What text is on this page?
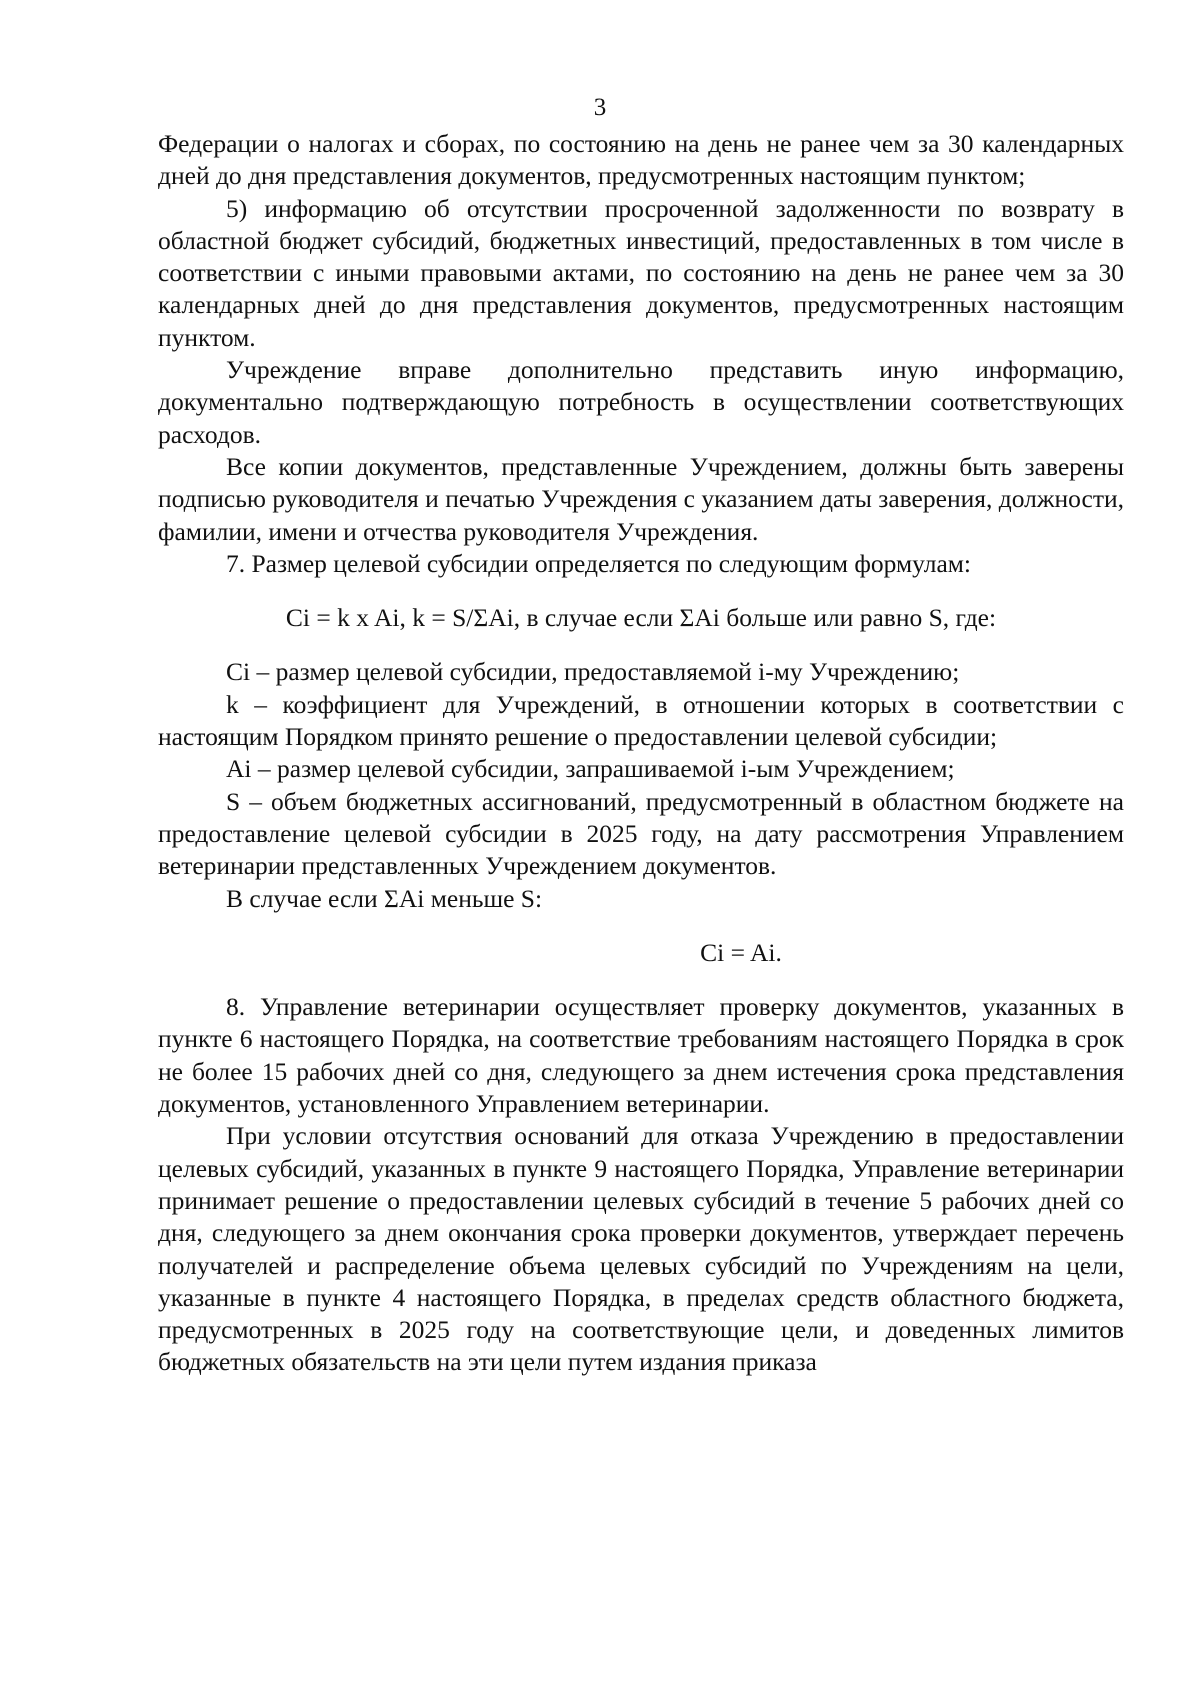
3

Федерации о налогах и сборах, по состоянию на день не ранее чем за 30 календарных дней до дня представления документов, предусмотренных настоящим пунктом;

5) информацию об отсутствии просроченной задолженности по возврату в областной бюджет субсидий, бюджетных инвестиций, предоставленных в том числе в соответствии с иными правовыми актами, по состоянию на день не ранее чем за 30 календарных дней до дня представления документов, предусмотренных настоящим пунктом.

Учреждение вправе дополнительно представить иную информацию, документально подтверждающую потребность в осуществлении соответствующих расходов.

Все копии документов, представленные Учреждением, должны быть заверены подписью руководителя и печатью Учреждения с указанием даты заверения, должности, фамилии, имени и отчества руководителя Учреждения.

7. Размер целевой субсидии определяется по следующим формулам:

Ci = k x Ai, k = S/ΣAi, в случае если ΣAi больше или равно S, где:

Ci – размер целевой субсидии, предоставляемой i-му Учреждению;

k – коэффициент для Учреждений, в отношении которых в соответствии с настоящим Порядком принято решение о предоставлении целевой субсидии;

Ai – размер целевой субсидии, запрашиваемой i-ым Учреждением;

S – объем бюджетных ассигнований, предусмотренный в областном бюджете на предоставление целевой субсидии в 2025 году, на дату рассмотрения Управлением ветеринарии представленных Учреждением документов.

В случае если ΣAi меньше S:

Ci = Ai.

8. Управление ветеринарии осуществляет проверку документов, указанных в пункте 6 настоящего Порядка, на соответствие требованиям настоящего Порядка в срок не более 15 рабочих дней со дня, следующего за днем истечения срока представления документов, установленного Управлением ветеринарии.

При условии отсутствия оснований для отказа Учреждению в предоставлении целевых субсидий, указанных в пункте 9 настоящего Порядка, Управление ветеринарии принимает решение о предоставлении целевых субсидий в течение 5 рабочих дней со дня, следующего за днем окончания срока проверки документов, утверждает перечень получателей и распределение объема целевых субсидий по Учреждениям на цели, указанные в пункте 4 настоящего Порядка, в пределах средств областного бюджета, предусмотренных в 2025 году на соответствующие цели, и доведенных лимитов бюджетных обязательств на эти цели путем издания приказа
